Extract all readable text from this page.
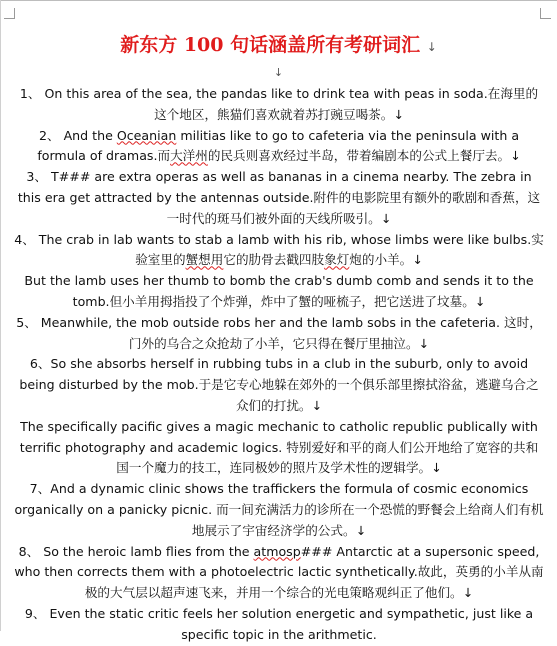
新东方 100 句话涵盖所有考研词汇 ↓
↓

1、 On this area of the sea, the pandas like to drink tea with peas in soda.在海里的这个地区，熊猫们喜欢就着苏打豌豆喝茶。↓

2、 And the Oceanian militias like to go to cafeteria via the peninsula with a formula of dramas.而大洋州的民兵则喜欢经过半岛，带着编剧本的公式上餐厅去。↓

3、 T### are extra operas as well as bananas in a cinema nearby. The zebra in this era get attracted by the antennas outside.附件的电影院里有额外的歌剧和香蕉，这一时代的斑马们被外面的天线所吸引。↓

4、 The crab in lab wants to stab a lamb with his rib, whose limbs were like bulbs.实验室里的蟹想用它的肋骨去戳四肢象灯炮的小羊。↓

But the lamb uses her thumb to bomb the crab's dumb comb and sends it to the tomb.但小羊用拇指投了个炸弹，炸中了蟹的哑梳子，把它送进了坟墓。↓

5、 Meanwhile, the mob outside robs her and the lamb sobs in the cafeteria. 这时，门外的乌合之众抢劫了小羊，它只得在餐厅里抽泣。↓

6、So she absorbs herself in rubbing tubs in a club in the suburb, only to avoid being disturbed by the mob.于是它专心地躲在郊外的一个俱乐部里擦拭浴盆，逃避乌合之众们的打扰。↓

The specifically pacific gives a magic mechanic to catholic republic publically with terrific photography and academic logics. 特别爱好和平的商人们公开地给了宽容的共和国一个魔力的技工，连同极妙的照片及学术性的逻辑学。↓

7、And a dynamic clinic shows the traffickers the formula of cosmic economics organically on a panicky picnic. 而一间充满活力的诊所在一个恐慌的野餐会上给商人们有机地展示了宇宙经济学的公式。↓

8、 So the heroic lamb flies from the atmosp### Antarctic at a supersonic speed, who then corrects them with a photoelectric lactic synthetically.故此，英勇的小羊从南极的大气层以超声速飞来，并用一个综合的光电策略观纠正了他们。↓

9、 Even the static critic feels her solution energetic and sympathetic, just like a specific topic in the arithmetic.
